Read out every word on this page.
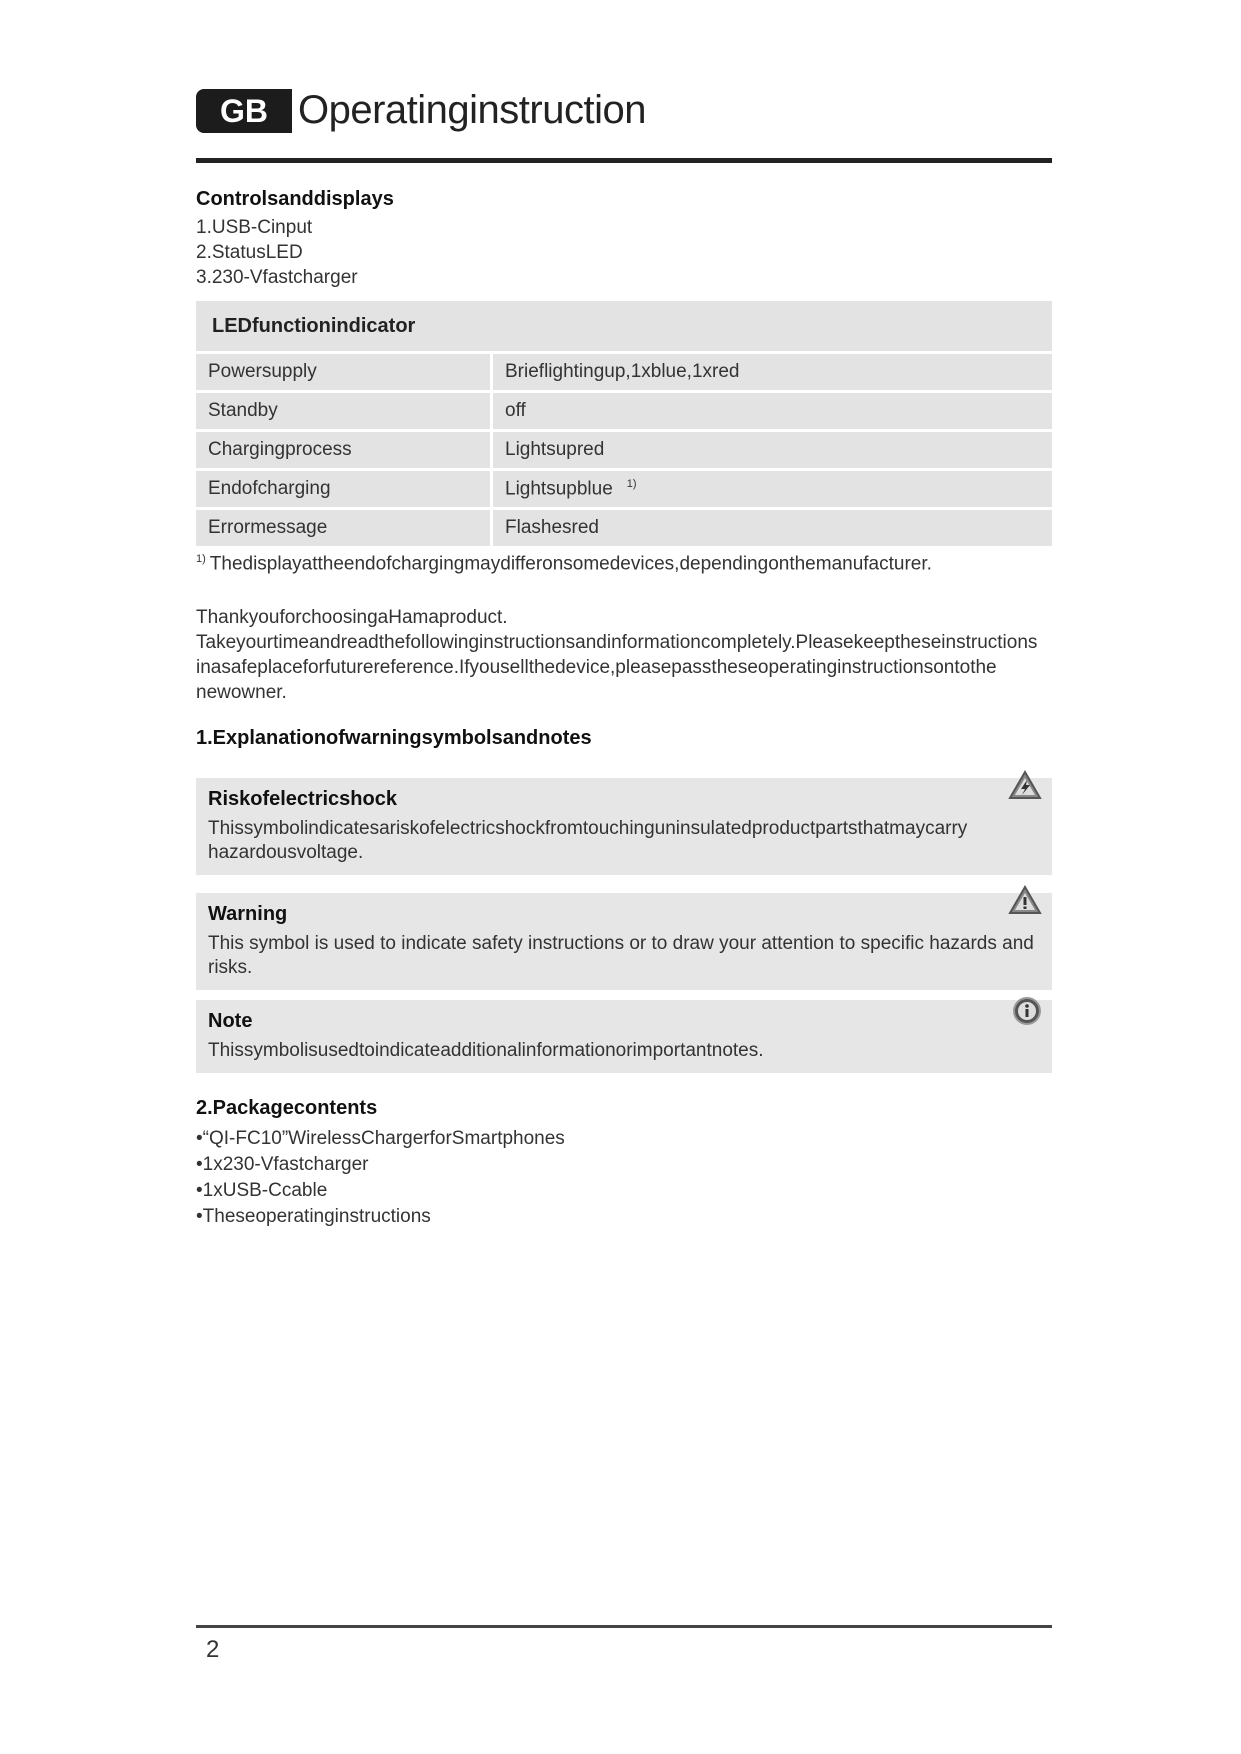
GB Operatinginstruction
Controlsanddisplays
1.USB-Cinput
2.StatusLED
3.230-Vfastcharger
LEDfunctionindicator	
Powersupply	Brieflightingup,1xblue,1xred
Standby	off
Chargingprocess	Lightsupred
Endofcharging	Lightsupblue $^{1)}$
Errormessage	Flashesred
$^{1)}$ Thedisplayattheendofchargingmaydifferonsomedevices,dependingonthemanufacturer.
ThankyouforchoosingaHamaproduct.
Takeyourtimeandreadthefollowinginstructionsandinformationcompletely.Pleasekeeptheseinstructions
inasafeplaceforfuturereference.Ifyousellthedevice,pleasepasstheseoperatinginstructionsontothe
newowner.
1.Explanationofwarningsymbolsandnotes
Riskofelectricshock
Thissymbolindicatesariskofelectricshockfromtouchinguninsulatedproductpartsthatmaycarry hazardousvoltage.
Warning
This symbol is used to indicate safety instructions or to draw your attention to specific hazards and risks.
Note
Thissymbolisusedtoindicateadditionalinformationorimportantnotes.
2.Packagecontents
•“QI-FC10”WirelessChargerforSmartphones
•1x230-Vfastcharger
•1xUSB-Ccable
•Theseoperatinginstructions
2
